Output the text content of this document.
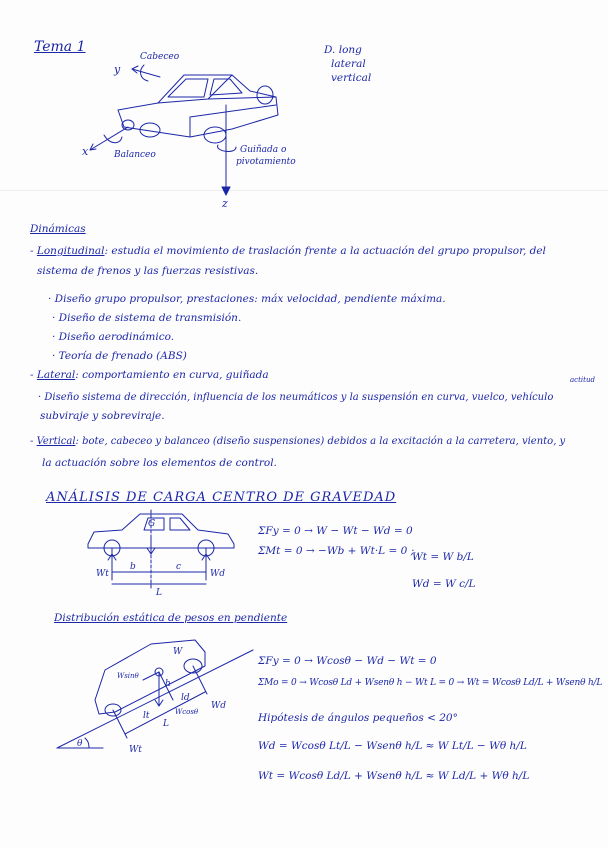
Tema 1	D. long
lateral
vertical
Cabeceo
y
x	Balanceo	Guiñada o
pivotamiento
z
Dinámicas
- Longitudinal: estudia el movimiento de traslación frente a la actuación del grupo propulsor, del
sistema de frenos y las fuerzas resistivas.
· Diseño grupo propulsor, prestaciones: máx velocidad, pendiente máxima.
· Diseño de sistema de transmisión.
· Diseño aerodinámico.
· Teoría de frenado (ABS)
- Lateral: comportamiento en curva, guiñada	actitud
· Diseño sistema de dirección, influencia de los neumáticos y la suspensión en curva, vuelco, vehículo
subviraje y sobreviraje.
- Vertical: bote, cabeceo y balanceo (diseño suspensiones) debidos a la excitación a la carretera, viento, y
la actuación sobre los elementos de control.
ANÁLISIS DE CARGA CENTRO DE GRAVEDAD
G
Wt	Wd
b	c
L
ΣFy = 0 → W − Wt − Wd = 0
ΣMt = 0 → −Wb + Wt·L = 0 ;
Wt = W b/L
Wd = W c/L
Distribución estática de pesos en pendiente
W
θ
lt
ld
L
Wd
Wt
h
Wsinθ
Wcosθ
ΣFy = 0 → Wcosθ − Wd − Wt = 0
ΣMo = 0 → Wcosθ Ld + Wsenθ h − Wt L = 0 → Wt = Wcosθ Ld/L + Wsenθ h/L
Hipótesis de ángulos pequeños < 20°
Wd = Wcosθ Lt/L − Wsenθ h/L ≈ W Lt/L − Wθ h/L
Wt = Wcosθ Ld/L + Wsenθ h/L ≈ W Ld/L + Wθ h/L
